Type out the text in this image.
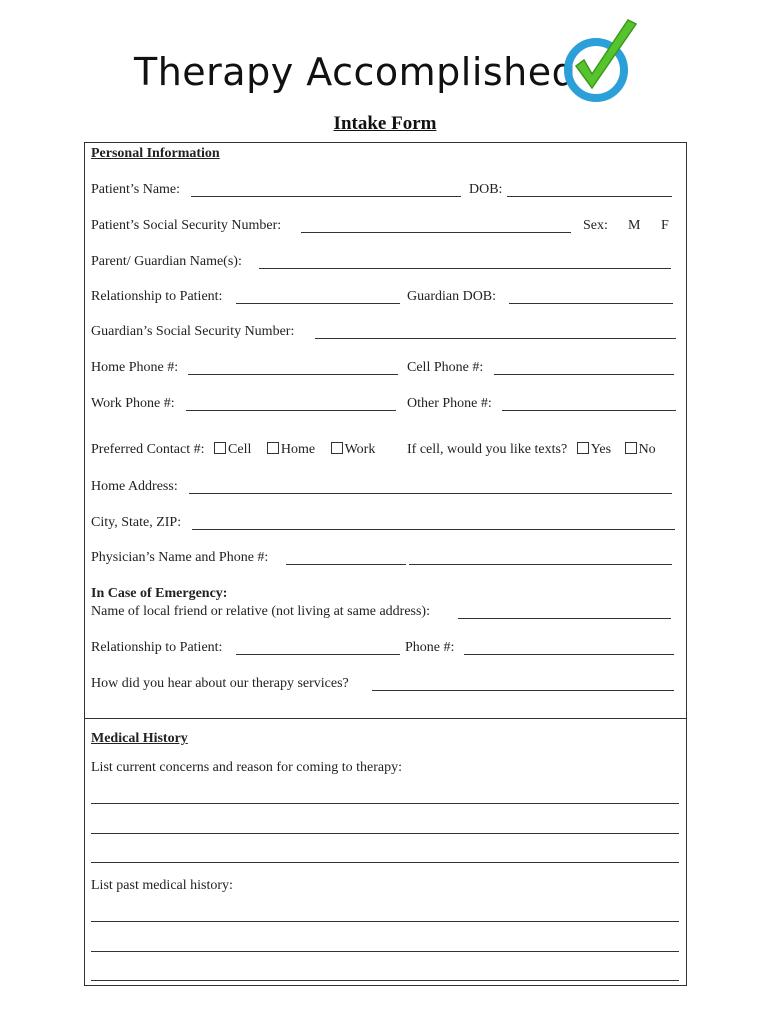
Therapy Accomplished
Intake Form
Personal Information
Patient’s Name:	DOB:
Patient’s Social Security Number:	Sex: M F
Parent/ Guardian Name(s):
Relationship to Patient:	Guardian DOB:
Guardian’s Social Security Number:
Home Phone #:	Cell Phone #:
Work Phone #:	Other Phone #:
Preferred Contact #: Cell Home Work If cell, would you like texts? Yes No
Home Address:
City, State, ZIP:
Physician’s Name and Phone #:
In Case of Emergency:
Name of local friend or relative (not living at same address):
Relationship to Patient:	Phone #:
How did you hear about our therapy services?
Medical History
List current concerns and reason for coming to therapy:
List past medical history:
